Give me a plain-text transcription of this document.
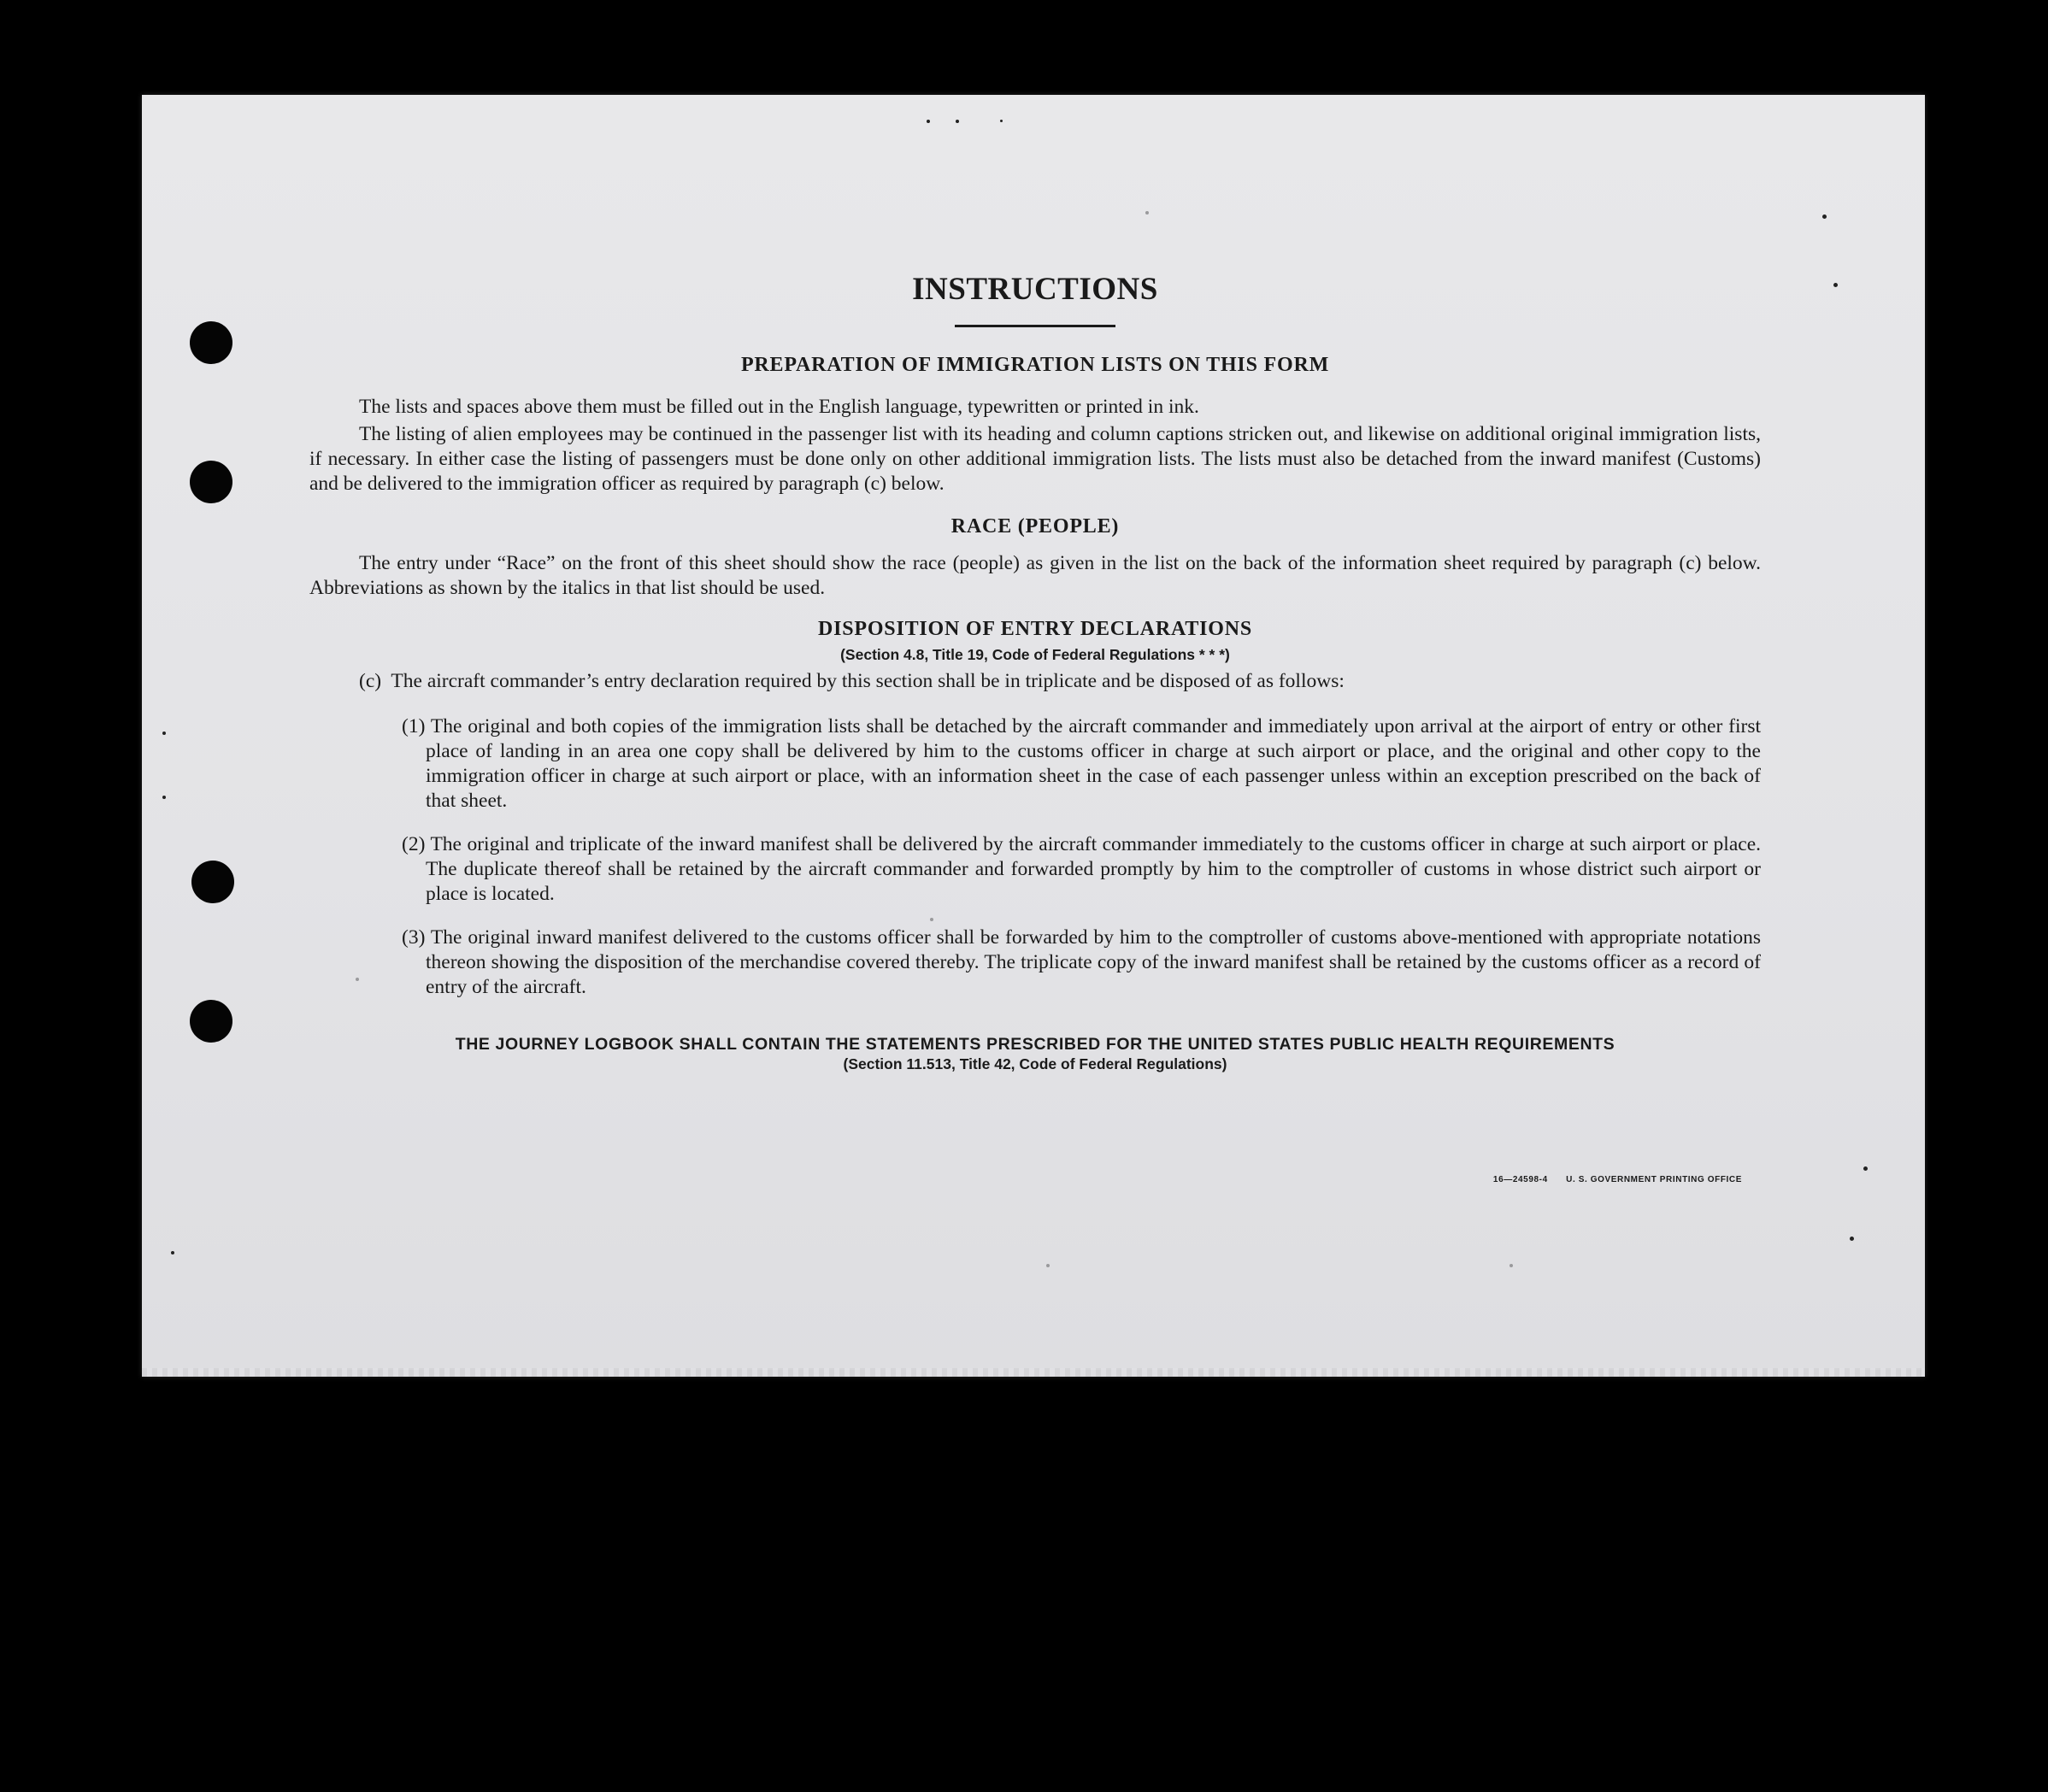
INSTRUCTIONS
PREPARATION OF IMMIGRATION LISTS ON THIS FORM

The lists and spaces above them must be filled out in the English language, typewritten or printed in ink.

The listing of alien employees may be continued in the passenger list with its heading and column captions stricken out, and likewise on additional original immigration lists, if necessary. In either case the listing of passengers must be done only on other additional immigration lists. The lists must also be detached from the inward manifest (Customs) and be delivered to the immigration officer as required by paragraph (c) below.

RACE (PEOPLE)

The entry under “Race” on the front of this sheet should show the race (people) as given in the list on the back of the information sheet required by paragraph (c) below. Abbreviations as shown by the italics in that list should be used.

DISPOSITION OF ENTRY DECLARATIONS
(Section 4.8, Title 19, Code of Federal Regulations * * *)

(c) The aircraft commander’s entry declaration required by this section shall be in triplicate and be disposed of as follows:

(1) The original and both copies of the immigration lists shall be detached by the aircraft commander and immediately upon arrival at the airport of entry or other first place of landing in an area one copy shall be delivered by him to the customs officer in charge at such airport or place, and the original and other copy to the immigration officer in charge at such airport or place, with an information sheet in the case of each passenger unless within an exception prescribed on the back of that sheet.

(2) The original and triplicate of the inward manifest shall be delivered by the aircraft commander immediately to the customs officer in charge at such airport or place. The duplicate thereof shall be retained by the aircraft commander and forwarded promptly by him to the comptroller of customs in whose district such airport or place is located.

(3) The original inward manifest delivered to the customs officer shall be forwarded by him to the comptroller of customs above-mentioned with appropriate notations thereon showing the disposition of the merchandise covered thereby. The triplicate copy of the inward manifest shall be retained by the customs officer as a record of entry of the aircraft.

THE JOURNEY LOGBOOK SHALL CONTAIN THE STATEMENTS PRESCRIBED FOR THE UNITED STATES PUBLIC HEALTH REQUIREMENTS
(Section 11.513, Title 42, Code of Federal Regulations)
16—24598-4 U. S. GOVERNMENT PRINTING OFFICE
